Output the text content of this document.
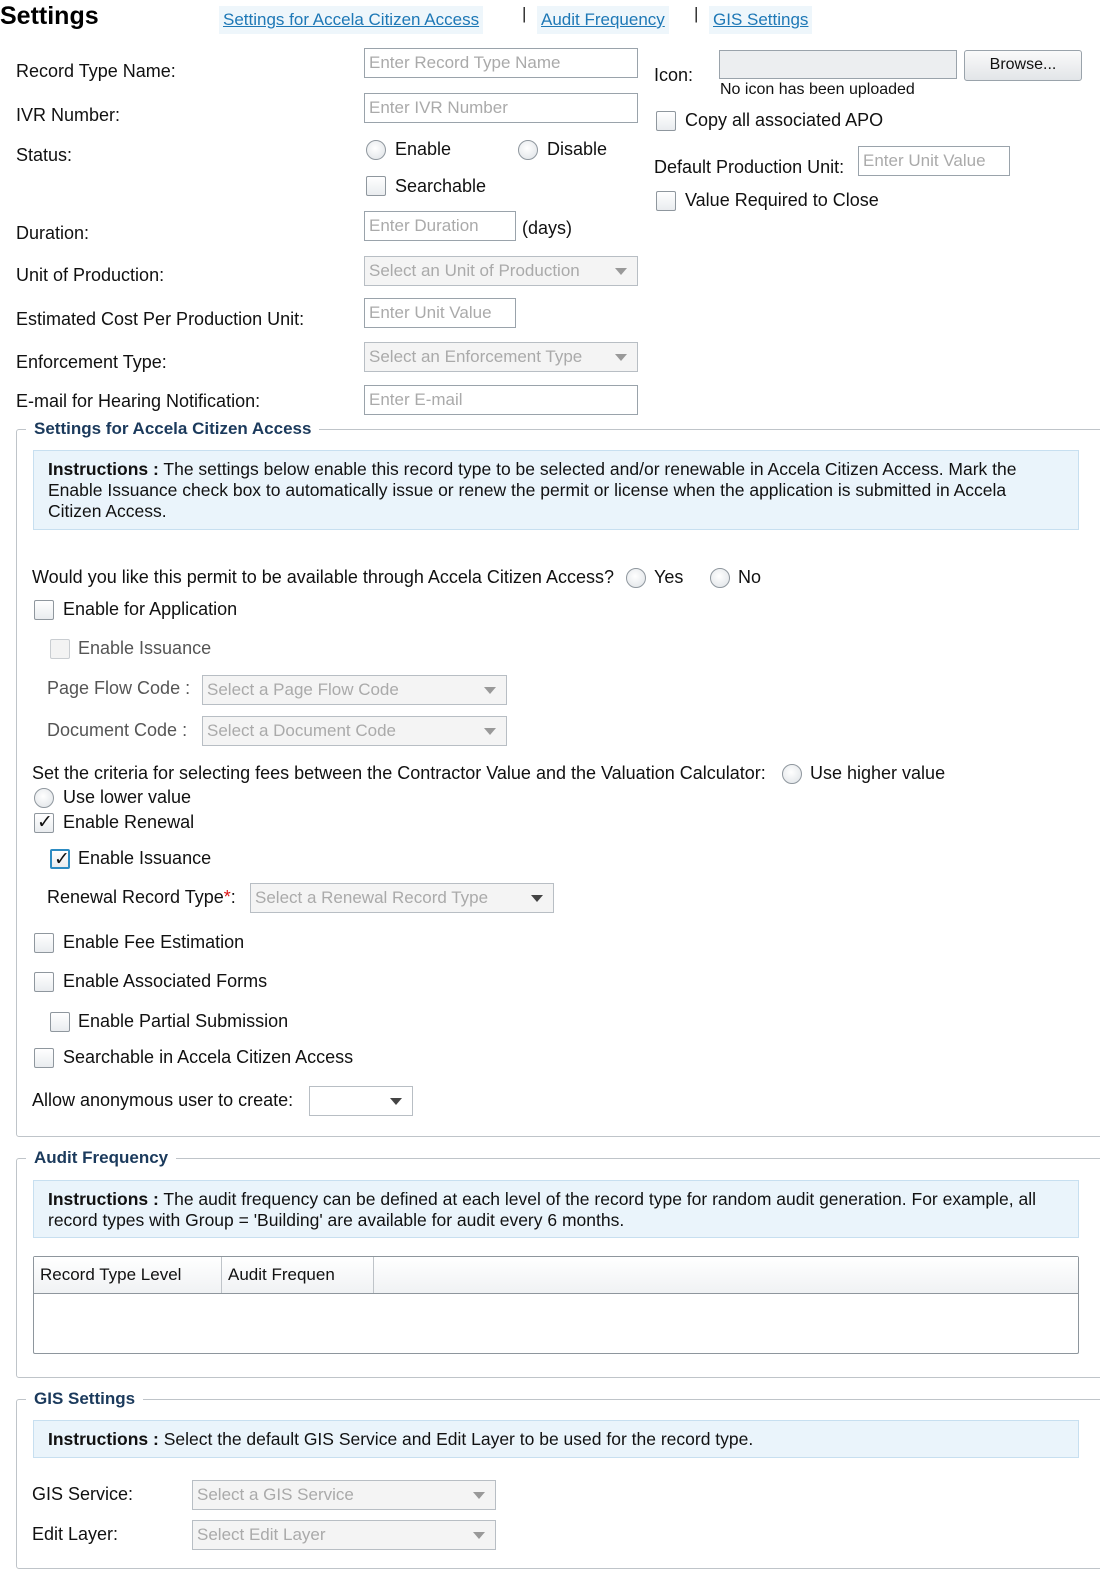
Settings	Settings for Accela Citizen Access	| Audit Frequency | GIS Settings
Record Type Name:
Enter Record Type Name
IVR Number:
Enter IVR Number
Status:	Enable	Disable
Searchable
Duration:
Enter Duration	(days)
Unit of Production:	Select an Unit of Production
Estimated Cost Per Production Unit:
Enter Unit Value
Enforcement Type:	Select an Enforcement Type
E-mail for Hearing Notification:
Enter E-mail
Icon:
Browse...
No icon has been uploaded
Copy all associated APO
Default Production Unit:
Enter Unit Value
Value Required to Close
Settings for Accela Citizen Access
Instructions : The settings below enable this record type to be selected and/or renewable in Accela Citizen Access. Mark the Enable Issuance check box to automatically issue or renew the permit or license when the application is submitted in Accela Citizen Access.
Would you like this permit to be available through Accela Citizen Access? Yes	No
Enable for Application
Enable Issuance
Page Flow Code : Select a Page Flow Code
Document Code : Select a Document Code
Set the criteria for selecting fees between the Contractor Value and the Valuation Calculator: Use higher value
Use lower value
✓
Enable Renewal
✓
Enable Issuance
Renewal Record Type*: Select a Renewal Record Type
Enable Fee Estimation
Enable Associated Forms
Enable Partial Submission
Searchable in Accela Citizen Access
Allow anonymous user to create:
Audit Frequency
Instructions : The audit frequency can be defined at each level of the record type for random audit generation. For example, all record types with Group = 'Building' are available for audit every 6 months.
Record Type Level	Audit Frequen
GIS Settings
Instructions : Select the default GIS Service and Edit Layer to be used for the record type.
GIS Service:	Select a GIS Service
Edit Layer:	Select Edit Layer
